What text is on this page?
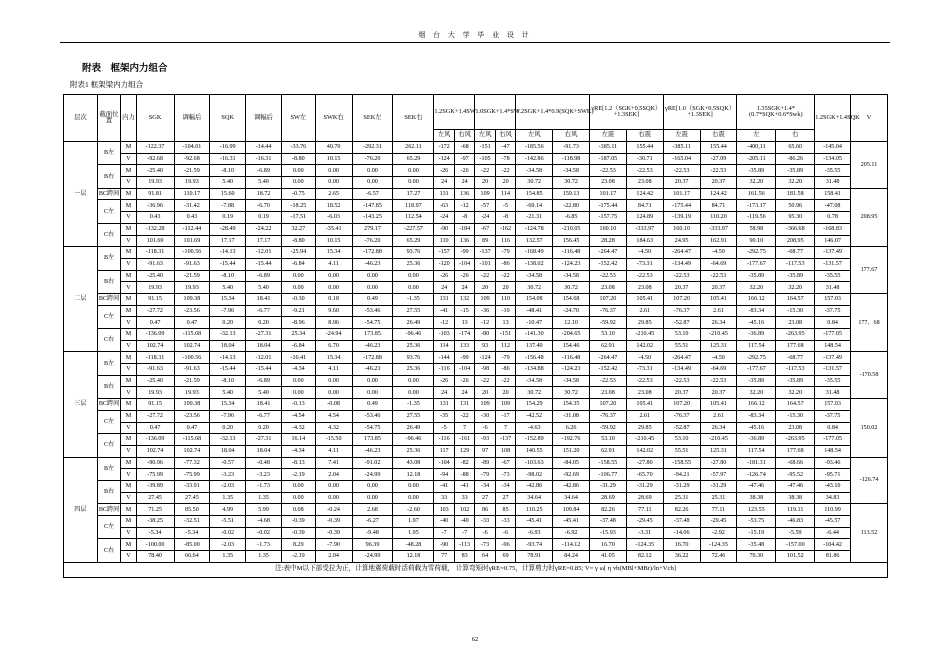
烟 台 大 学 毕 业 设 计
附表 框架内力组合
附表1 框架梁内力组合
层次	截面位置	内力	SGK	调幅后	SQK	调幅后	SW左	SWK右	SEK左	SEK右	1.2SGK+1.4SW		1.0SGK+1.4*SW		1.2SGK+1.4*0.9(SQK+SWK)		γRE[1.2（SGK+0.5SQK）+1.3SEK]		γRE[1.0（SGK+0.5SQK）+1.3SEK]		1.35SGK+1.4*(0.7*SQK+0.6*Swk)		1.2SGK+1.4SQK	V
											左风	右风	左风	右风	左风	右风	左震	右震	左震	右震	左	右		
一层	B左	M	-122.37	-104.01	-16.99	-14.44	-33.76	40.70	-292.31	262.11	-172	-68	-151	-47	-185.56	-91.73	-385.11	155.44	-385.11	155.44	-400,11	65.60	-145.04	205.11
		V	-92.68	-92.68	-16.31	-16.31	-8.80	10.15	-76.20	65.29	-124	-97	-105	-78	-142.86	-118.98	-187.05	-30.71	-165.04	-27.09	-205.11	-86.26	-134.05	
	B右	M	-25.40	-21.59	-8.10	-6.89	0.00	0.00	0.00	0.00	-26	-26	-22	-22	-34.58	-34.58	-22.53	-22.53	-22.53	-22.53	-35.89	-35.89	-35.55	
		V	19.93	19.93	5.40	5.40	0.00	0.00	0.00	0.00	24	24	20	20	30.72	30.72	23.08	23.08	20.37	20.37	32.20	32.20	31.48	
	BC跨间	M	91.81	110.17	15.60	18.72	-0.75	2.65	-6.57	17.27	131	136	109	114	154.85	159.13	101.17	124.42	101.17	124.42	161.56	181.58	158.41	208.95
	C左	M	-36.96	-31.42	-7.88	-6.70	-18.25	18.52	-147.85	118.97	-63	-12	-57	-5	-69.14	-22.80	-175.44	84.71	-175.44	84.71	-173.17	50.96	-47.08	
		V	0.43	0.43	0.19	0.19	-17.51	-6.03	-143.25	112.54	-24	-8	-24	-8	-21.31	-6.85	-157.75	124.89	-139.19	110.20	-119.56	95.30	0.78	
	C右	M	-132.28	-112.44	-28.49	-24.22	32.27	-35.41	279.17	-227.57	-90	-184	-67	-162	-124.78	-210.05	160.10	-333.97	160.10	-333.97	58.98	-366.68	-168.83	
		V	101.69	101.69	17.17	17.17	-8.80	10.15	-76.20	65.29	110	136	89	116	132.57	156.45	28.28	184.63	24.95	162.91	90.10	208.95	146.07	
二层	B左	M	-118.31	-100.56	-14.13	-12.01	-25.94	15.34	-172.88	93.76	-157	-99	-137	-79	-168.49	-116.48	-264.47	-4.50	-264.47	-4.50	-292.75	-68.77	-137.49	177.67
		V	-91.63	-91.63	-15.44	-15.44	-6.84	4.11	-46.23	25.36	-120	-104	-101	-86	-138.02	-124.23	-152.42	-73.31	-134.49	-64.69	-177.67	-117.53	-131.57	
	B右	M	-25.40	-21.59	-8.10	-6.89	0.00	0.00	0.00	0.00	-26	-26	-22	-22	-34.58	-34.58	-22.53	-22.53	-22.53	-22.53	-35.89	-35.89	-35.55	
		V	19.93	19.93	5.40	5.40	0.00	0.00	0.00	0.00	24	24	20	20	30.72	30.72	23.08	23.08	20.37	20.37	32.20	32.20	31.48	
	BC跨间	M	91.15	109.38	15.34	18.41	-0.30	0.18	0.49	-1.35	131	132	109	110	154.08	154.68	107.20	105.41	107.20	105.41	166.12	164.57	157.03	177、68
	C左	M	-27.72	-23.56	-7.96	-6.77	-9.21	9.60	-53.46	27.55	-41	-15	-36	-10	-48.41	-24.70	-76.37	2.61	-76.37	2.61	-83.34	-15.30	-37.75	
		V	0.47	0.47	0.20	0.20	-8.96	8.96	-54.75	26.49	-12	13	-12	13	-10.47	12.10	-59.92	29.85	-52.87	26.34	-45.16	23.08	0.84	
	C右	M	-136.09	-115.68	-32.13	-27.31	25.34	-24.94	173.85	-96.46	-103	-174	-80	-151	-141.30	-204.65	53.10	-210.45	53.10	-210.45	-36.89	-263.95	-177.05	
		V	102.74	102.74	18.04	18.04	-6.84	6.70	-46.23	25.36	114	133	93	112	137.40	154.46	62.91	142.02	55.51	125.31	117.54	177.68	148.54	
三层	B左	M	-118.31	-100.56	-14.13	-12.01	-16.41	15.34	-172.88	93.76	-144	-99	-124	-79	-156.48	-116.48	-264.47	-4.50	-264.47	-4.50	-292.75	-68.77	-137.49	-170.58
		V	-91.63	-91.63	-15.44	-15.44	-4.34	4.11	-46.23	25.36	-116	-104	-98	-86	-134.88	-124.23	-152.42	-73.31	-134.49	-64.69	-177.67	-117.53	-131.57	
	B右	M	-25.40	-21.59	-8.10	-6.89	0.00	0.00	0.00	0.00	-26	-26	-22	-22	-34.58	-34.58	-22.53	-22.53	-22.53	-22.53	-35.89	-35.89	-35.55	
		V	19.93	19.93	5.40	5.40	0.00	0.00	0.00	0.00	24	24	20	20	30.72	30.72	23.08	23.08	20.37	20.37	32.20	32.20	31.48	
	BC跨间	M	91.15	109.38	15.34	18.41	-0.13	-0.08	0.49	-1.35	131	131	109	109	154.29	154.35	107.20	105.41	107.20	105.41	166.12	164.57	157.03	150.02
	C左	M	-27.72	-23.56	-7.96	-6.77	-4.54	4.54	-53.46	27.55	-35	-22	-30	-17	-42.52	-31.08	-76.37	2.61	-76.37	2.61	-83.34	-15.30	-37.75	
		V	0.47	0.47	0.20	0.20	-4.32	4.32	-54.75	26.49	-5	7	-6	7	-4.63	6.26	-59.92	29.85	-52.87	26.34	-45.16	23.08	0.84	
	C右	M	-136.09	-115.68	-32.13	-27.31	16.14	-15.50	173.85	-96.46	-116	-161	-93	-137	-152.89	-192.76	53.10	-210.45	53.10	-210.45	-36.89	-263.95	-177.05	
		V	102.74	102.74	18.04	18.04	-4.34	4.11	-46.23	25.36	117	129	97	108	140.55	151.20	62.91	142.02	55.51	125.31	117.54	177.68	148.54	
四层	B左	M	-90.96	-77.32	-0.57	-0.48	-8.13	7.41	-91.02	43.08	-104	-82	-89	-67	-103.63	-84.05	-158.55	-27.80	-158.55	-27.80	-181.31	-68.66	-93.46	-126.74
		V	-75.99	-75.99	-3.23	-3.23	-2.19	2.04	-24.99	12.18	-94	-88	-79	-73	-98.02	-92.69	-106.77	-65.70	-94.21	-57.97	-126.74	-95.52	-95.71	
	B右	M	-39.89	-33.91	-2.03	-1.73	0.00	0.00	0.00	0.00	-41	-41	-34	-34	-42.86	-42.86	-31.29	-31.29	-31.29	-31.29	-47.46	-47.46	-43.10	
		V	27.45	27.45	1.35	1.35	0.00	0.00	0.00	0.00	33	33	27	27	34.64	34.64	28.69	28.69	25.31	25.31	38.38	38.38	34.83	
	BC跨间	M	71.25	85.50	4.99	5.99	0.08	-0.24	2.68	-2.60	103	102	86	85	110.25	109.84	82.26	77.11	82.26	77.11	123.55	119.11	110.99	113.52
	C左	M	-38.25	-32.51	-5.51	-4.68	-0.39	-0.39	-6.27	1.97	-40	-40	-33	-33	-45.41	-45.41	-37.48	-29.45	-37.48	-29.45	-53.75	-46.83	-45.57	
		V	-5.34	-5.34	-0.02	-0.02	-0.39	-0.39	-9.48	1.95	-7	-7	-6	-6	-6.93	-6.92	-15.93	-3.31	-14.06	-2.92	-15.19	-5.59	-6.44	
	C右	M	-100.00	-85.00	-2.03	-1.73	8.29	-7.90	96.39	-48.28	-90	-113	-73	-96	-93.74	-114.12	16.70	-124.35	16.70	-124.35	-35.48	-157.00	-104.42	
		V	78.40	66.64	1.35	1.35	-2.19	2.04	-24.99	12.18	77	83	64	69	78.91	84.24	41.05	82.12	36.22	72.46	70.30	101.52	81.86	
注:表中M以下部受拉为正，计算地震荷载时活荷载为雪荷载， 计算弯矩时γRE=0.75，计算剪力时γRE=0.85; V= γ ω[ η vb(MBl+MBr)/ln+Vcb]																								
62
